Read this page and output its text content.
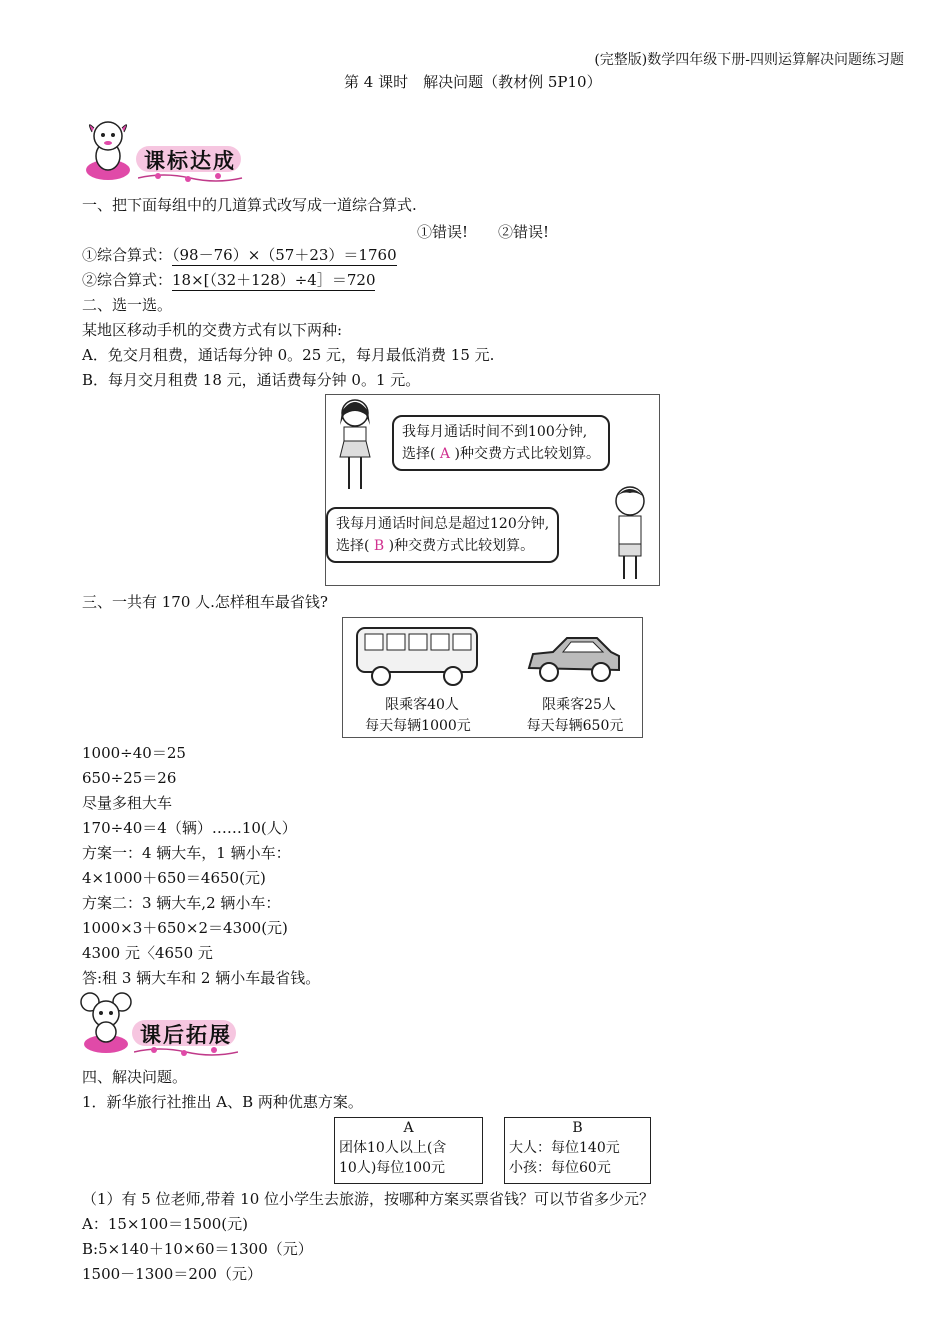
(完整版)数学四年级下册-四则运算解决问题练习题
第 4 课时　解决问题（教材例 5P10）
课标达成
一、把下面每组中的几道算式改写成一道综合算式.
①错误!　　②错误!
①综合算式：（98－76）×（57＋23）＝1760
②综合算式：18×[（32＋128）÷4］＝720
二、选一选。
某地区移动手机的交费方式有以下两种:
A．免交月租费，通话每分钟 0。25 元，每月最低消费 15 元.
B．每月交月租费 18 元，通话费每分钟 0。1 元。
我每月通话时间不到100分钟,
选择( A )种交费方式比较划算。
我每月通话时间总是超过120分钟,
选择( B )种交费方式比较划算。
三、一共有 170 人.怎样租车最省钱?
限乘客40人
每天每辆1000元
限乘客25人
每天每辆650元
1000÷40＝25
650÷25＝26
尽量多租大车
170÷40＝4（辆）……10(人）
方案一：4 辆大车，1 辆小车：
4×1000＋650＝4650(元)
方案二：3 辆大车,2 辆小车：
1000×3＋650×2＝4300(元)
4300 元〈4650 元
答:租 3 辆大车和 2 辆小车最省钱。
课后拓展
四、解决问题。
1．新华旅行社推出 A、B 两种优惠方案。
A
团体10人以上(含
10人)每位100元
B
大人：每位140元
小孩：每位60元
（1）有 5 位老师,带着 10 位小学生去旅游，按哪种方案买票省钱？可以节省多少元？
A：15×100＝1500(元)
B:5×140＋10×60＝1300（元）
1500－1300＝200（元）
